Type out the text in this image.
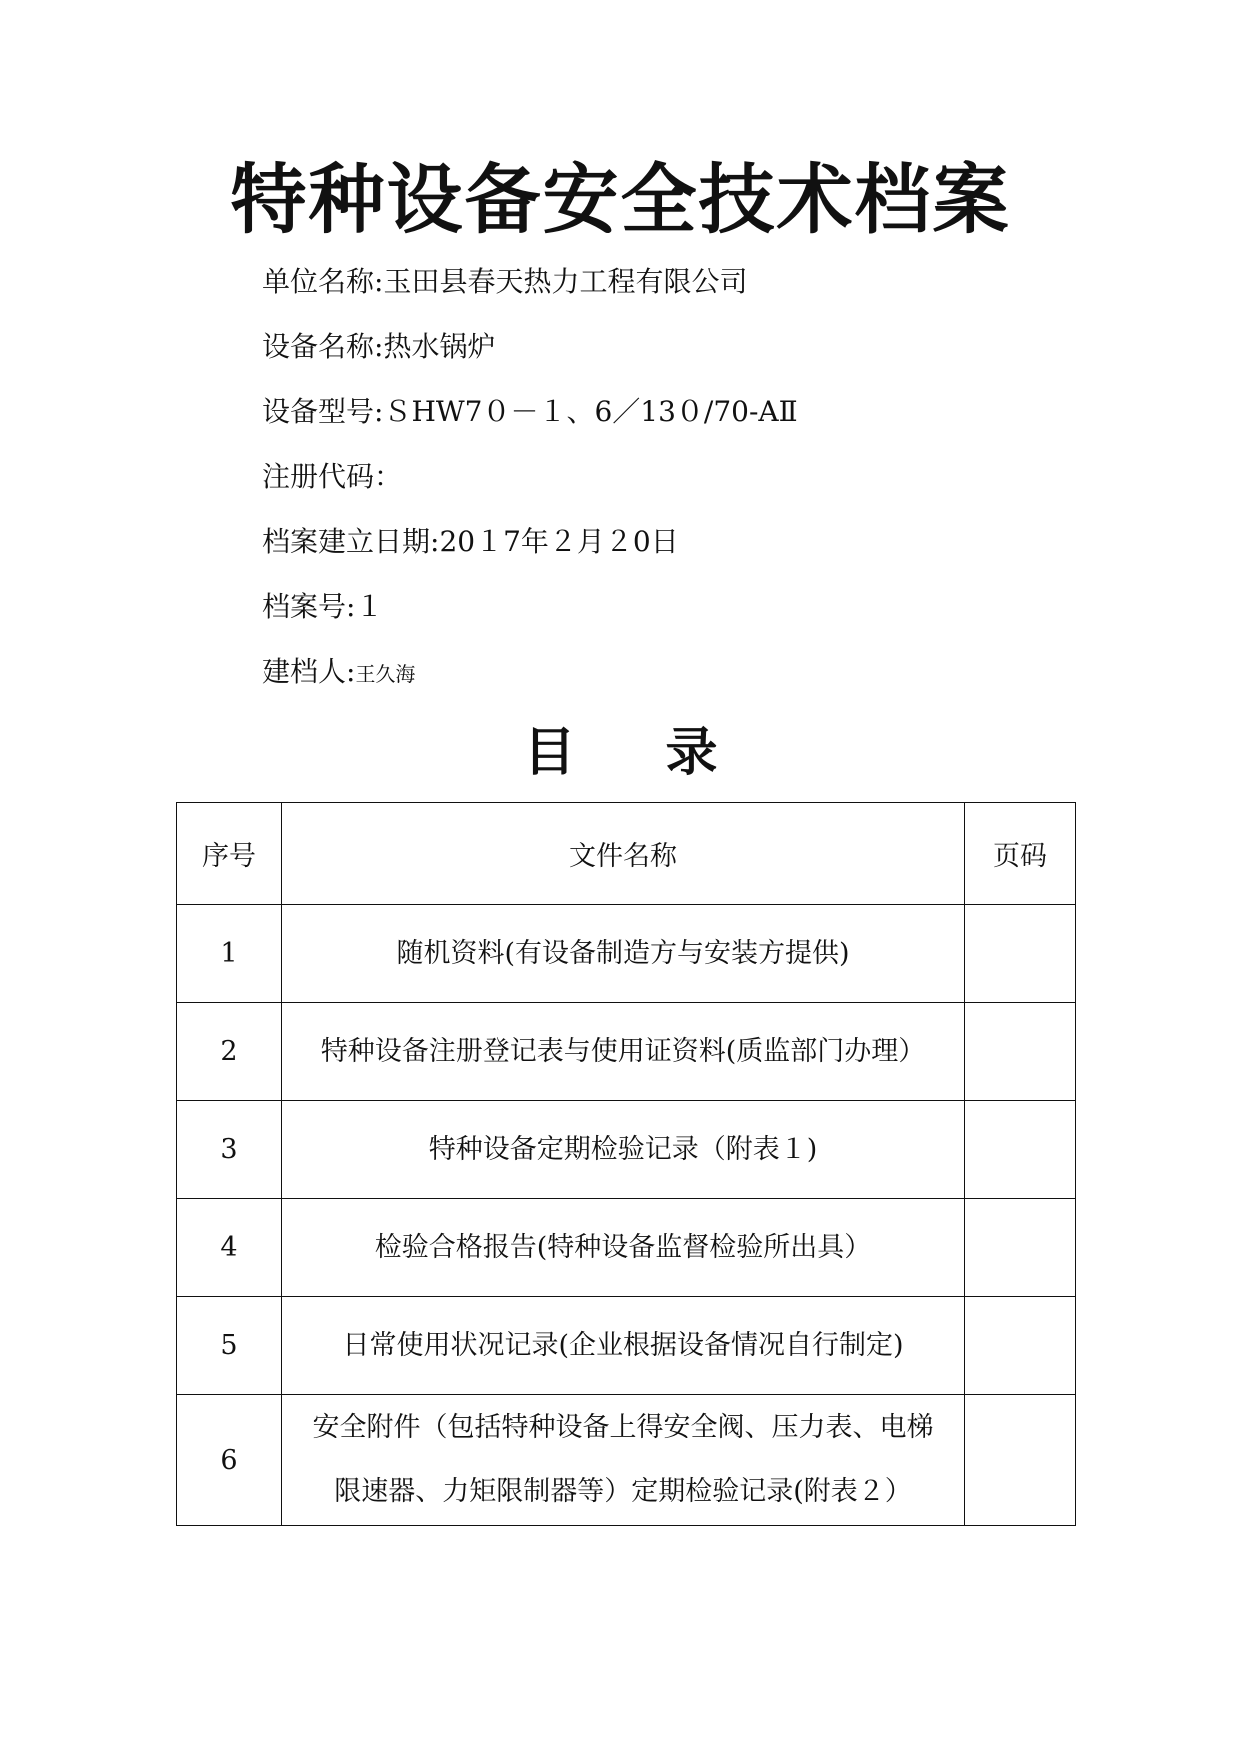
特种设备安全技术档案
单位名称:玉田县春天热力工程有限公司
设备名称:热水锅炉
设备型号:ＳHW7０－１、6／13０/70-AⅡ
注册代码：
档案建立日期:20１7年２月２0日
档案号:１
建档人:王久海
目 录
序号	文件名称	页码
1	随机资料(有设备制造方与安装方提供)	
2	特种设备注册登记表与使用证资料(质监部门办理）	
3	特种设备定期检验记录（附表１)	
4	检验合格报告(特种设备监督检验所出具）	
5	日常使用状况记录(企业根据设备情况自行制定)	
6	安全附件（包括特种设备上得安全阀、压力表、电梯
限速器、力矩限制器等）定期检验记录(附表２）	
